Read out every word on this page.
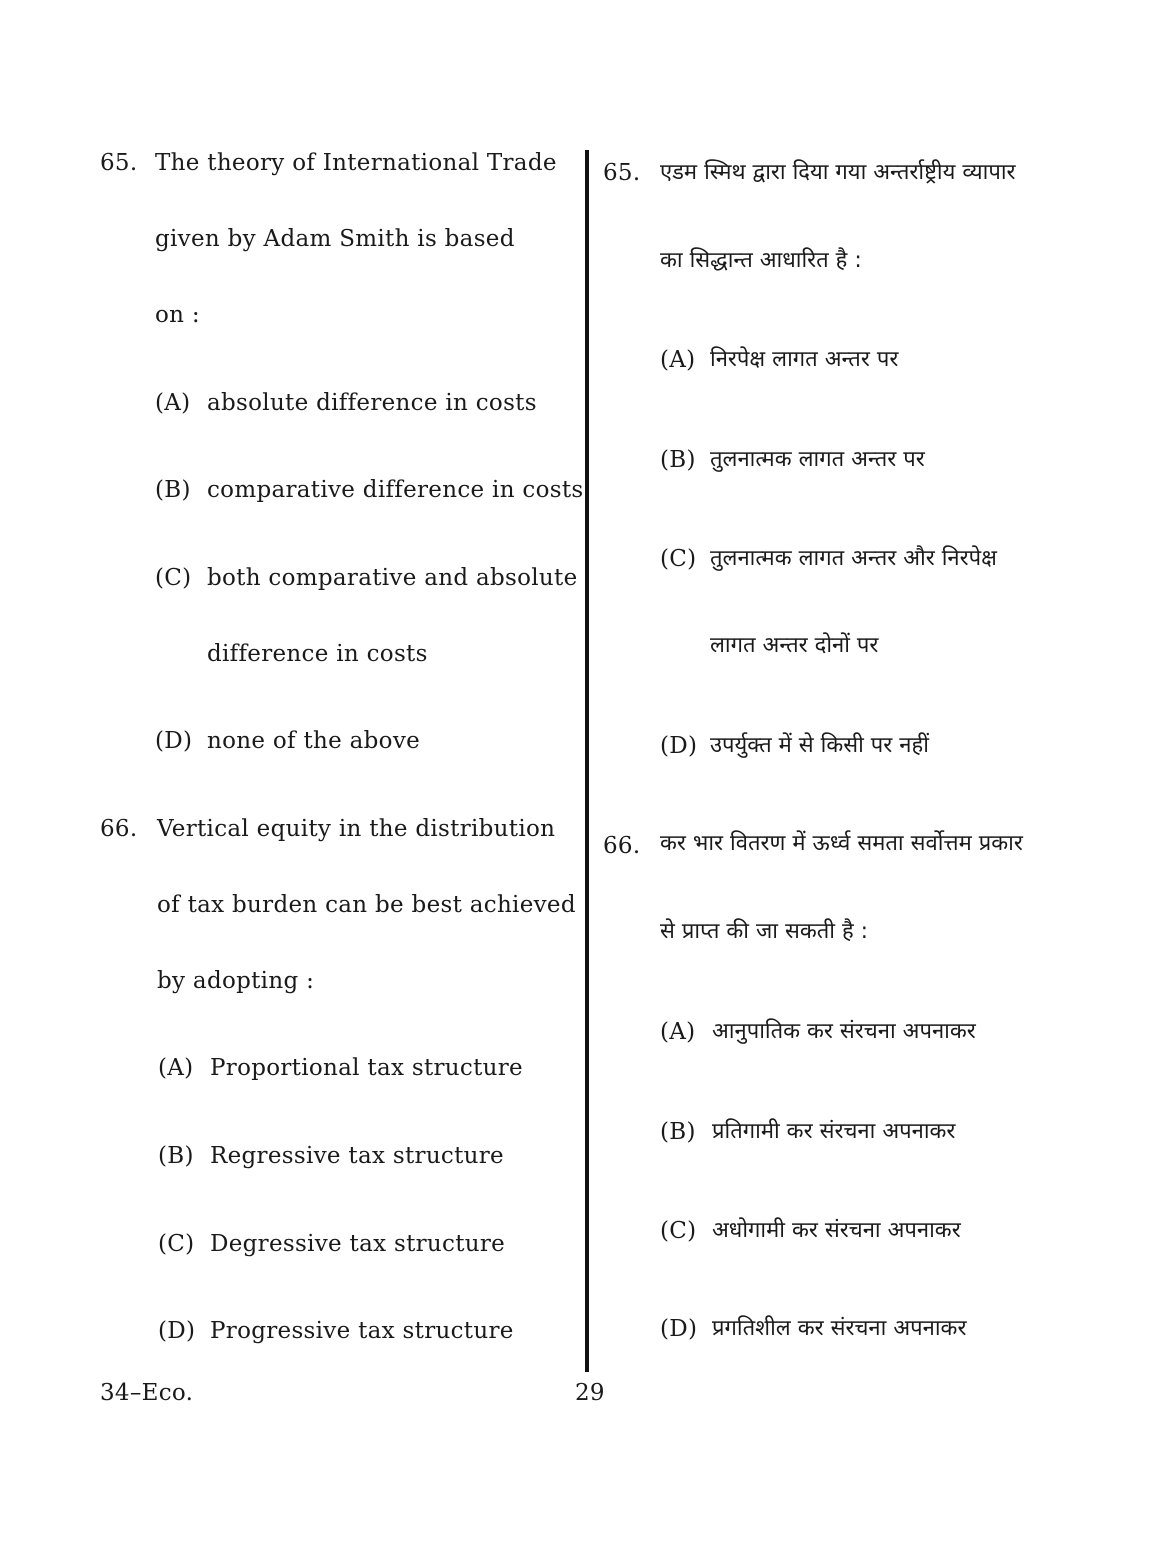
65. The theory of International Trade
given by Adam Smith is based
on :
(A) absolute difference in costs
(B) comparative difference in costs
(C) both comparative and absolute
difference in costs
(D) none of the above
66. Vertical equity in the distribution
of tax burden can be best achieved
by adopting :
(A) Proportional tax structure
(B) Regressive tax structure
(C) Degressive tax structure
(D) Progressive tax structure
65. एडम स्मिथ द्वारा दिया गया अन्तर्राष्ट्रीय व्यापार
का सिद्धान्त आधारित है :
(A) निरपेक्ष लागत अन्तर पर
(B) तुलनात्मक लागत अन्तर पर
(C) तुलनात्मक लागत अन्तर और निरपेक्ष
लागत अन्तर दोनों पर
(D) उपर्युक्त में से किसी पर नहीं
66. कर भार वितरण में ऊर्ध्व समता सर्वोत्तम प्रकार
से प्राप्त की जा सकती है :
(A) आनुपातिक कर संरचना अपनाकर
(B) प्रतिगामी कर संरचना अपनाकर
(C) अधोगामी कर संरचना अपनाकर
(D) प्रगतिशील कर संरचना अपनाकर
34–Eco.	29
